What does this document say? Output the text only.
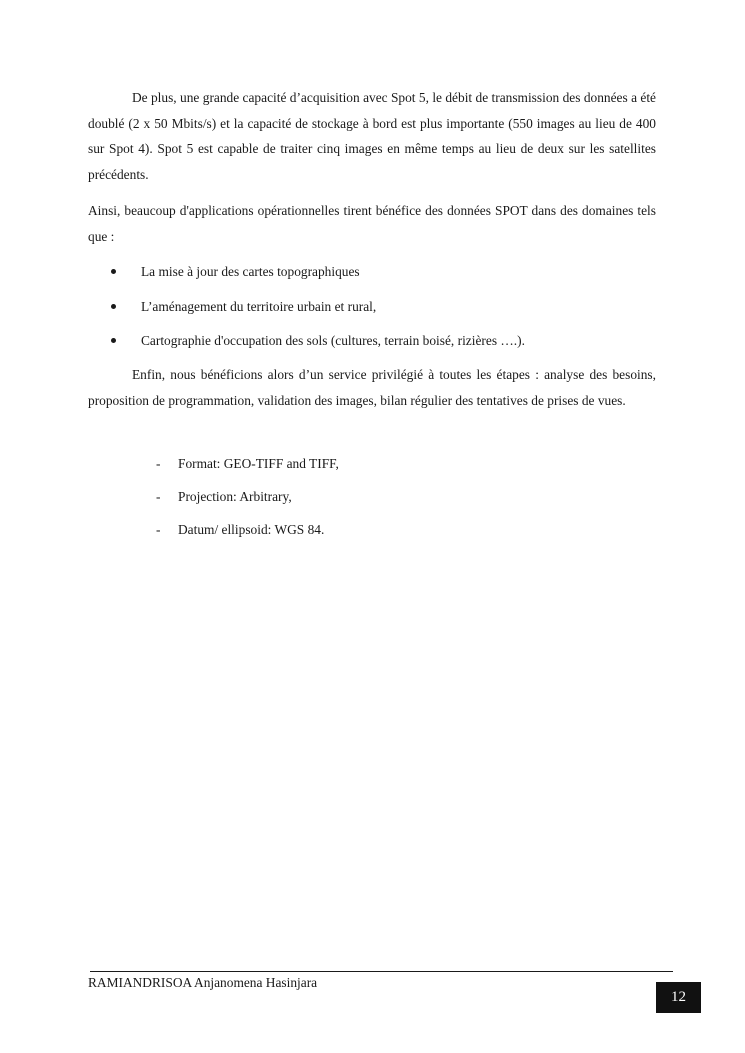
De plus, une grande capacité d’acquisition avec Spot 5, le débit de transmission des données a été doublé (2 x 50 Mbits/s) et la capacité de stockage à bord est plus importante (550 images au lieu de 400 sur Spot 4). Spot 5 est capable de traiter cinq images en même temps au lieu de deux sur les satellites précédents.

Ainsi, beaucoup d'applications opérationnelles tirent bénéfice des données SPOT dans des domaines tels que :

La mise à jour des cartes topographiques
L’aménagement du territoire urbain et rural,
Cartographie d'occupation des sols (cultures, terrain boisé, rizières ….).

Enfin, nous bénéficions alors d’un service privilégié à toutes les étapes : analyse des besoins, proposition de programmation, validation des images, bilan régulier des tentatives de prises de vues.

- Format: GEO-TIFF and TIFF,
- Projection: Arbitrary,
- Datum/ ellipsoid: WGS 84.
RAMIANDRISOA Anjanomena Hasinjara
12
